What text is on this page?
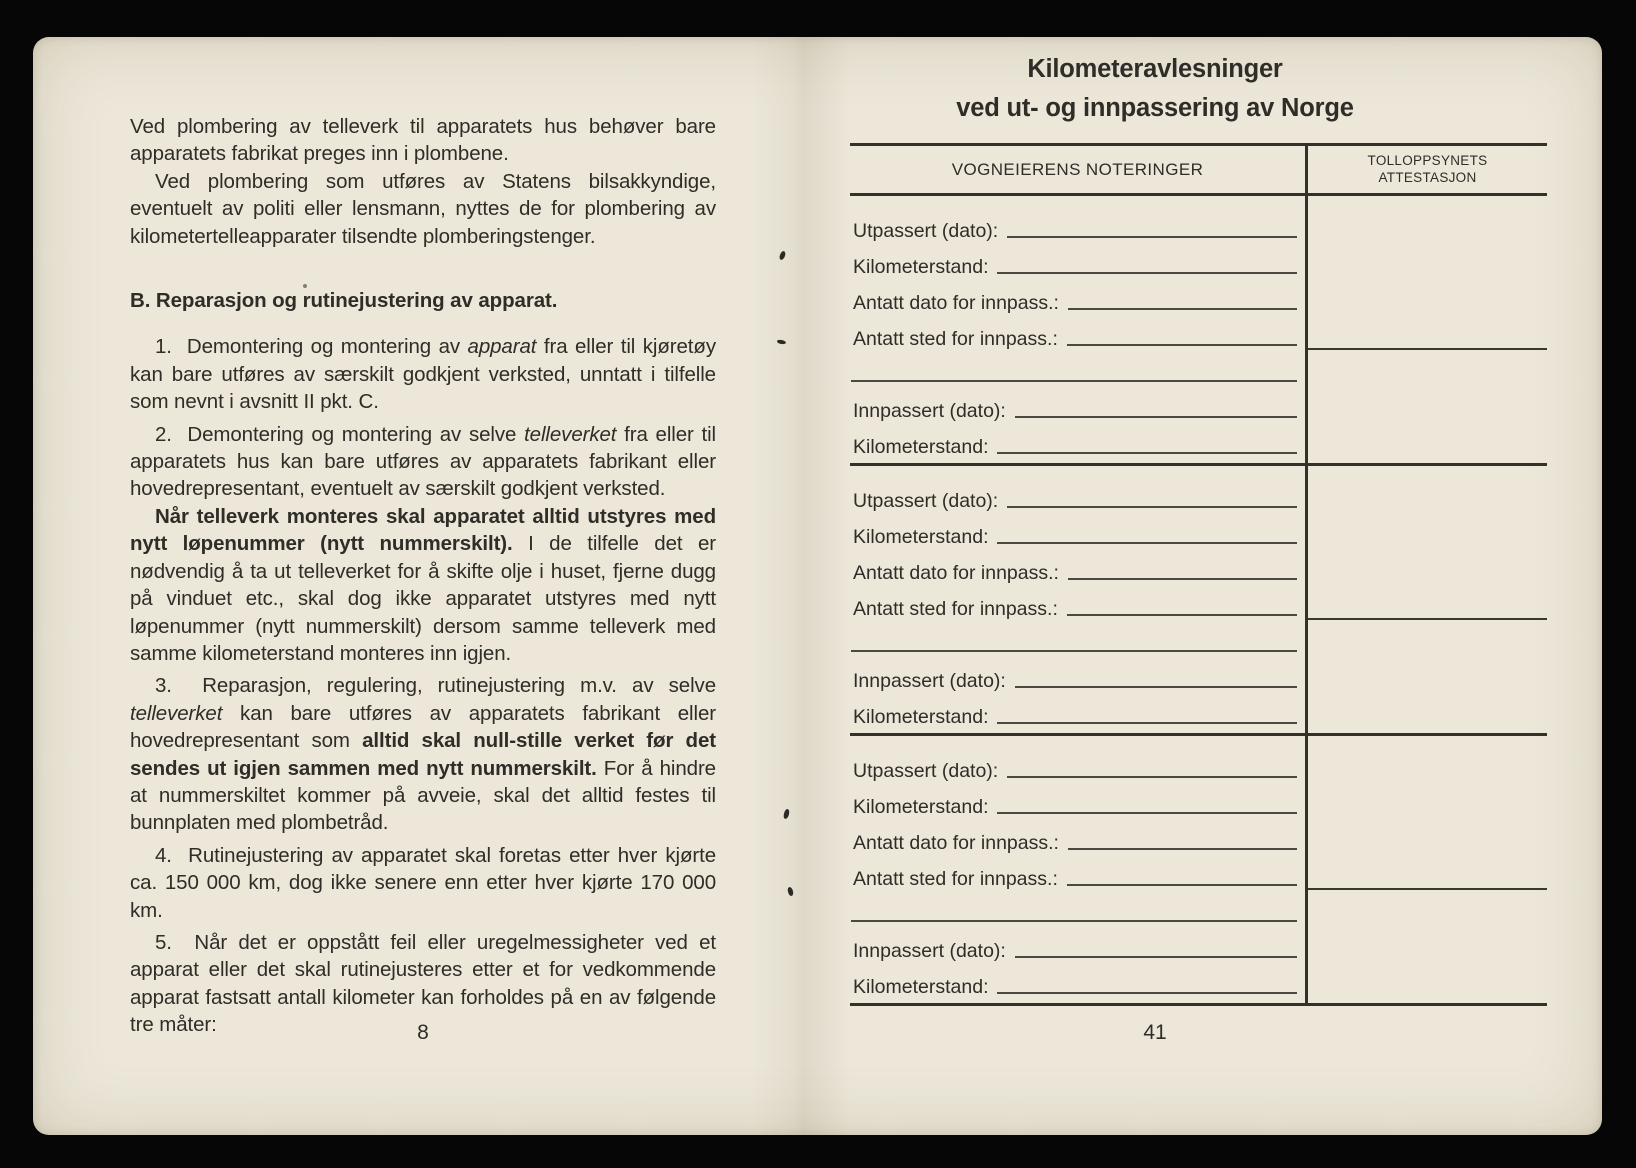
Ved plombering av telleverk til apparatets hus behøver bare apparatets fabrikat preges inn i plombene.

Ved plombering som utføres av Statens bilsakkyndige, eventuelt av politi eller lensmann, nyttes de for plombering av kilometertelleapparater tilsendte plomberingstenger.

B. Reparasjon og rutinejustering av apparat.

1.  Demontering og montering av apparat fra eller til kjøretøy kan bare utføres av særskilt godkjent verksted, unntatt i tilfelle som nevnt i avsnitt II pkt. C.

2.  Demontering og montering av selve telleverket fra eller til apparatets hus kan bare utføres av apparatets fabrikant eller hovedrepresentant, eventuelt av særskilt godkjent verksted.

Når telleverk monteres skal apparatet alltid utstyres med nytt løpenummer (nytt nummerskilt). I de tilfelle det er nødvendig å ta ut telleverket for å skifte olje i huset, fjerne dugg på vinduet etc., skal dog ikke apparatet utstyres med nytt løpenummer (nytt nummerskilt) dersom samme telleverk med samme kilometerstand monteres inn igjen.

3.  Reparasjon, regulering, rutinejustering m.v. av selve telleverket kan bare utføres av apparatets fabrikant eller hovedrepresentant som alltid skal null-stille verket før det sendes ut igjen sammen med nytt nummerskilt. For å hindre at nummerskiltet kommer på avveie, skal det alltid festes til bunnplaten med plombetråd.

4.  Rutinejustering av apparatet skal foretas etter hver kjørte ca. 150 000 km, dog ikke senere enn etter hver kjørte 170 000 km.

5.  Når det er oppstått feil eller uregelmessigheter ved et apparat eller det skal rutinejusteres etter et for vedkommende apparat fastsatt antall kilometer kan forholdes på en av følgende tre måter:	8
Kilometeravlesninger
ved ut- og innpassering av Norge
VOGNEIERENS NOTERINGER	TOLLOPPSYNETS
ATTESTASJON
Utpassert (dato):
Kilometerstand:
Antatt dato for innpass.:
Antatt sted for innpass.:
Innpassert (dato):
Kilometerstand:
Utpassert (dato):
Kilometerstand:
Antatt dato for innpass.:
Antatt sted for innpass.:
Innpassert (dato):
Kilometerstand:
Utpassert (dato):
Kilometerstand:
Antatt dato for innpass.:
Antatt sted for innpass.:
Innpassert (dato):
Kilometerstand:
41
